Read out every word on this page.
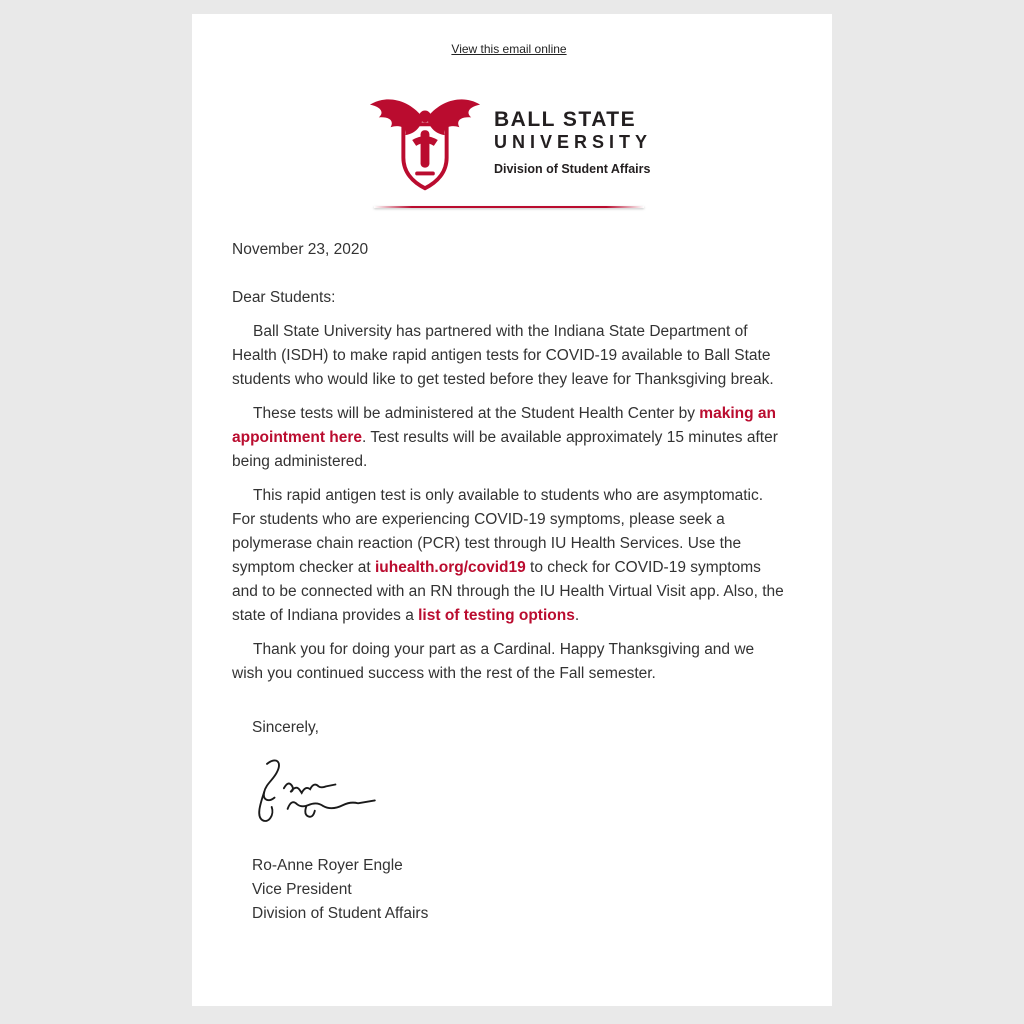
View this email online
BALL STATE
UNIVERSITY
Division of Student Affairs
November 23, 2020
Dear Students:

Ball State University has partnered with the Indiana State Department of Health (ISDH) to make rapid antigen tests for COVID-19 available to Ball State students who would like to get tested before they leave for Thanksgiving break.

These tests will be administered at the Student Health Center by making an appointment here. Test results will be available approximately 15 minutes after being administered.

This rapid antigen test is only available to students who are asymptomatic. For students who are experiencing COVID-19 symptoms, please seek a polymerase chain reaction (PCR) test through IU Health Services. Use the symptom checker at iuhealth.org/covid19 to check for COVID-19 symptoms and to be connected with an RN through the IU Health Virtual Visit app. Also, the state of Indiana provides a list of testing options.

Thank you for doing your part as a Cardinal. Happy Thanksgiving and we wish you continued success with the rest of the Fall semester.

Sincerely,
Ro-Anne Royer Engle
Vice President
Division of Student Affairs
